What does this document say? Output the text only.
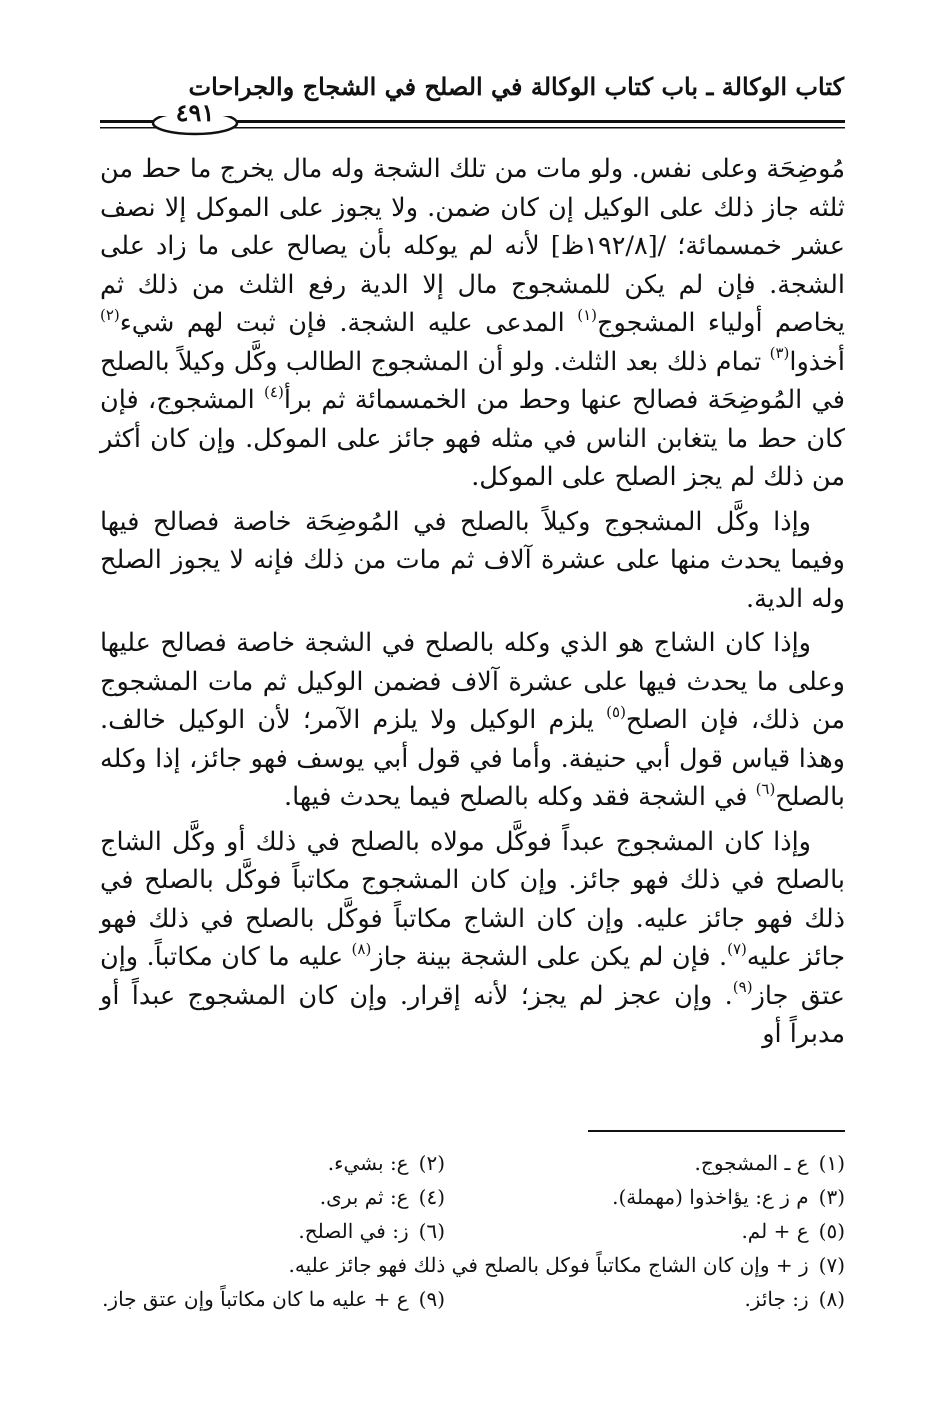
كتاب الوكالة ـ باب كتاب الوكالة في الصلح في الشجاج والجراحات
٤٩١

مُوضِحَة وعلى نفس. ولو مات من تلك الشجة وله مال يخرج ما حط من ثلثه جاز ذلك على الوكيل إن كان ضمن. ولا يجوز على الموكل إلا نصف عشر خمسمائة؛ /[١٩٢/٨ظ] لأنه لم يوكله بأن يصالح على ما زاد على الشجة. فإن لم يكن للمشجوج مال إلا الدية رفع الثلث من ذلك ثم يخاصم أولياء المشجوج$^{(١)}$ المدعى عليه الشجة. فإن ثبت لهم شيء$^{(٢)}$ أخذوا$^{(٣)}$ تمام ذلك بعد الثلث. ولو أن المشجوج الطالب وكَّل وكيلاً بالصلح في المُوضِحَة فصالح عنها وحط من الخمسمائة ثم برأ$^{(٤)}$ المشجوج، فإن كان حط ما يتغابن الناس في مثله فهو جائز على الموكل. وإن كان أكثر من ذلك لم يجز الصلح على الموكل.

وإذا وكَّل المشجوج وكيلاً بالصلح في المُوضِحَة خاصة فصالح فيها وفيما يحدث منها على عشرة آلاف ثم مات من ذلك فإنه لا يجوز الصلح وله الدية.

وإذا كان الشاج هو الذي وكله بالصلح في الشجة خاصة فصالح عليها وعلى ما يحدث فيها على عشرة آلاف فضمن الوكيل ثم مات المشجوج من ذلك، فإن الصلح$^{(٥)}$ يلزم الوكيل ولا يلزم الآمر؛ لأن الوكيل خالف. وهذا قياس قول أبي حنيفة. وأما في قول أبي يوسف فهو جائز، إذا وكله بالصلح$^{(٦)}$ في الشجة فقد وكله بالصلح فيما يحدث فيها.

وإذا كان المشجوج عبداً فوكَّل مولاه بالصلح في ذلك أو وكَّل الشاج بالصلح في ذلك فهو جائز. وإن كان المشجوج مكاتباً فوكَّل بالصلح في ذلك فهو جائز عليه. وإن كان الشاج مكاتباً فوكَّل بالصلح في ذلك فهو جائز عليه$^{(٧)}$. فإن لم يكن على الشجة بينة جاز$^{(٨)}$ عليه ما كان مكاتباً. وإن عتق جاز$^{(٩)}$. وإن عجز لم يجز؛ لأنه إقرار. وإن كان المشجوج عبداً أو مدبراً أو

(١)ع ـ المشجوج.
(٢)ع: بشيء.
(٣)م ز ع: يؤاخذوا (مهملة).
(٤)ع: ثم برى.
(٥)ع + لم.
(٦)ز: في الصلح.
(٧)ز + وإن كان الشاج مكاتباً فوكل بالصلح في ذلك فهو جائز عليه.
(٨)ز: جائز.
(٩)ع + عليه ما كان مكاتباً وإن عتق جاز.
